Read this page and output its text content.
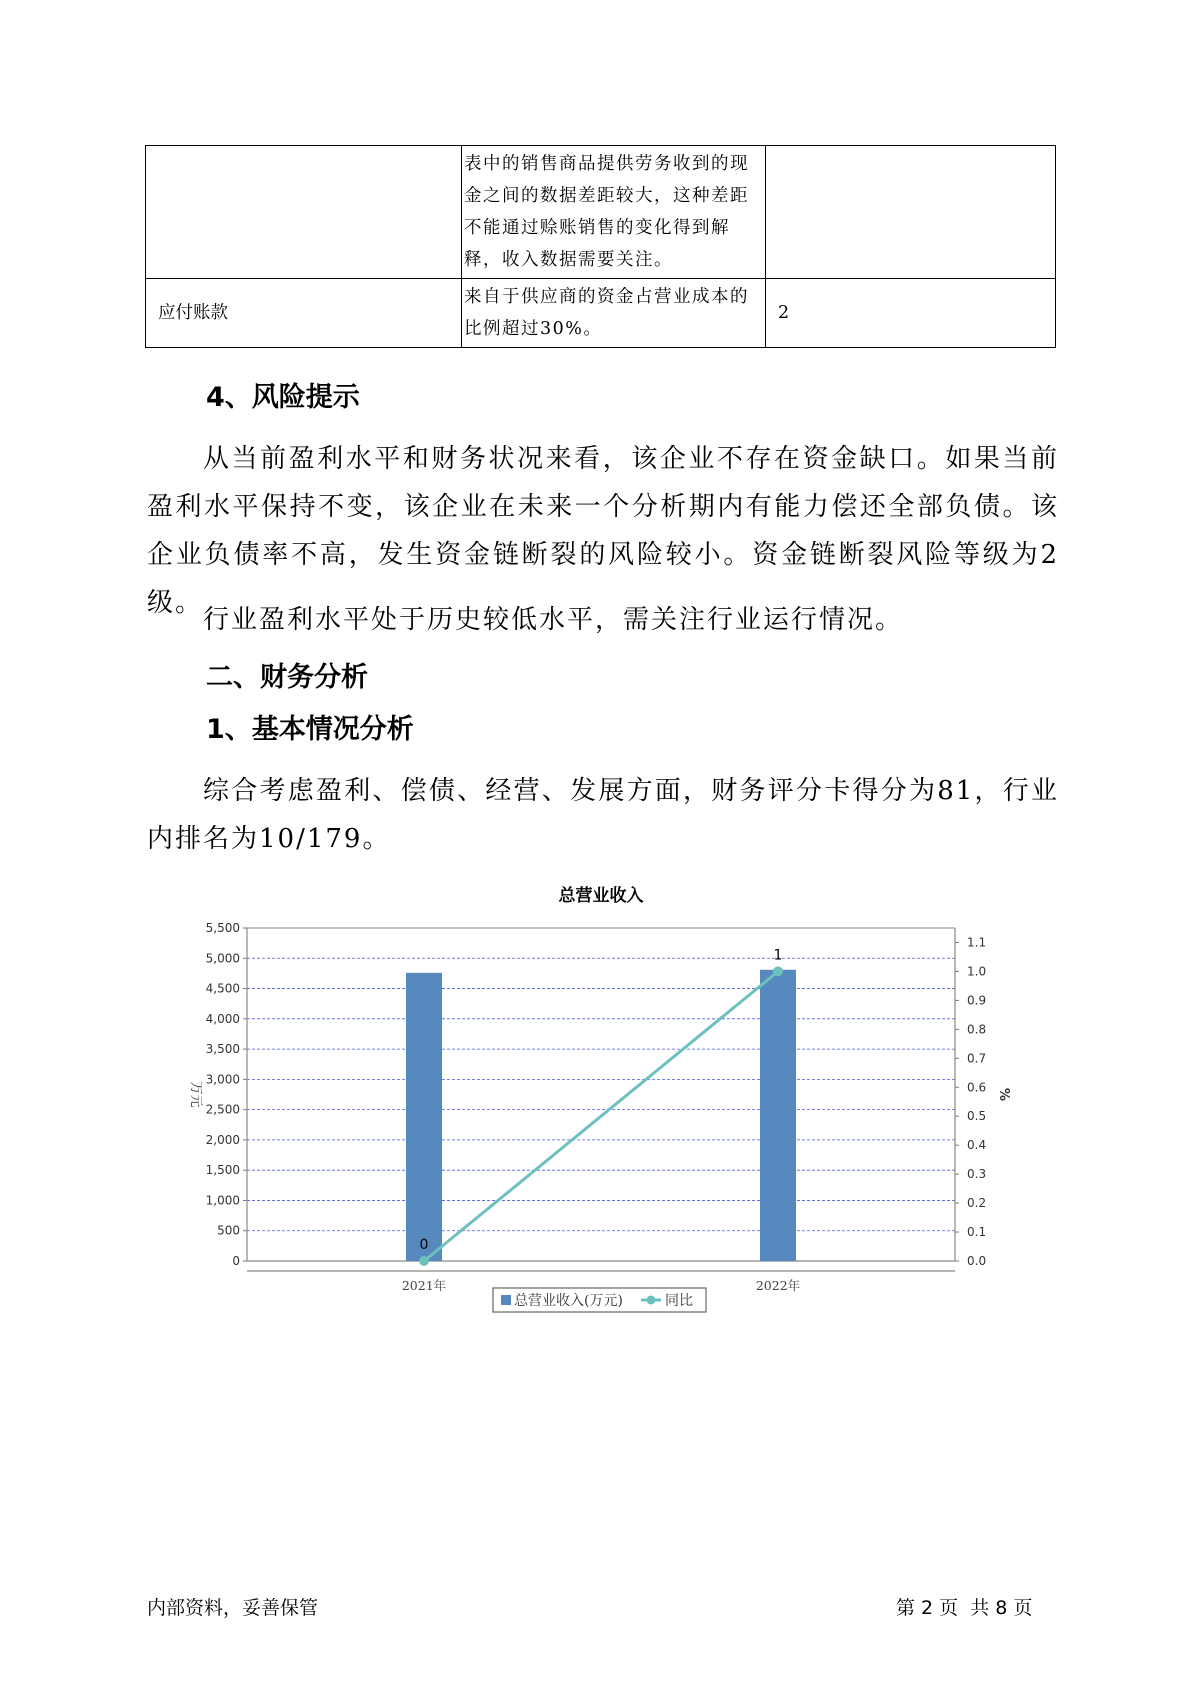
	表中的销售商品提供劳务收到的现金之间的数据差距较大，这种差距不能通过赊账销售的变化得到解释，收入数据需要关注。	
应付账款	来自于供应商的资金占营业成本的比例超过30%。	2
4、风险提示
从当前盈利水平和财务状况来看，该企业不存在资金缺口。如果当前盈利水平保持不变，该企业在未来一个分析期内有能力偿还全部负债。该企业负债率不高，发生资金链断裂的风险较小。资金链断裂风险等级为2级。
行业盈利水平处于历史较低水平，需关注行业运行情况。
二、财务分析
1、基本情况分析
综合考虑盈利、偿债、经营、发展方面，财务评分卡得分为81，行业内排名为10/179。
总营业收入
0
500
1,000
1,500
2,000
2,500
3,000
3,500
4,000
4,500
5,000
5,500
0.0
0.1
0.2
0.3
0.4
0.5
0.6
0.7
0.8
0.9
1.0
1.1
万元	%
2021年	2022年
0
1
总营业收入(万元)	同比
内部资料，妥善保管	第 2 页  共 8 页
